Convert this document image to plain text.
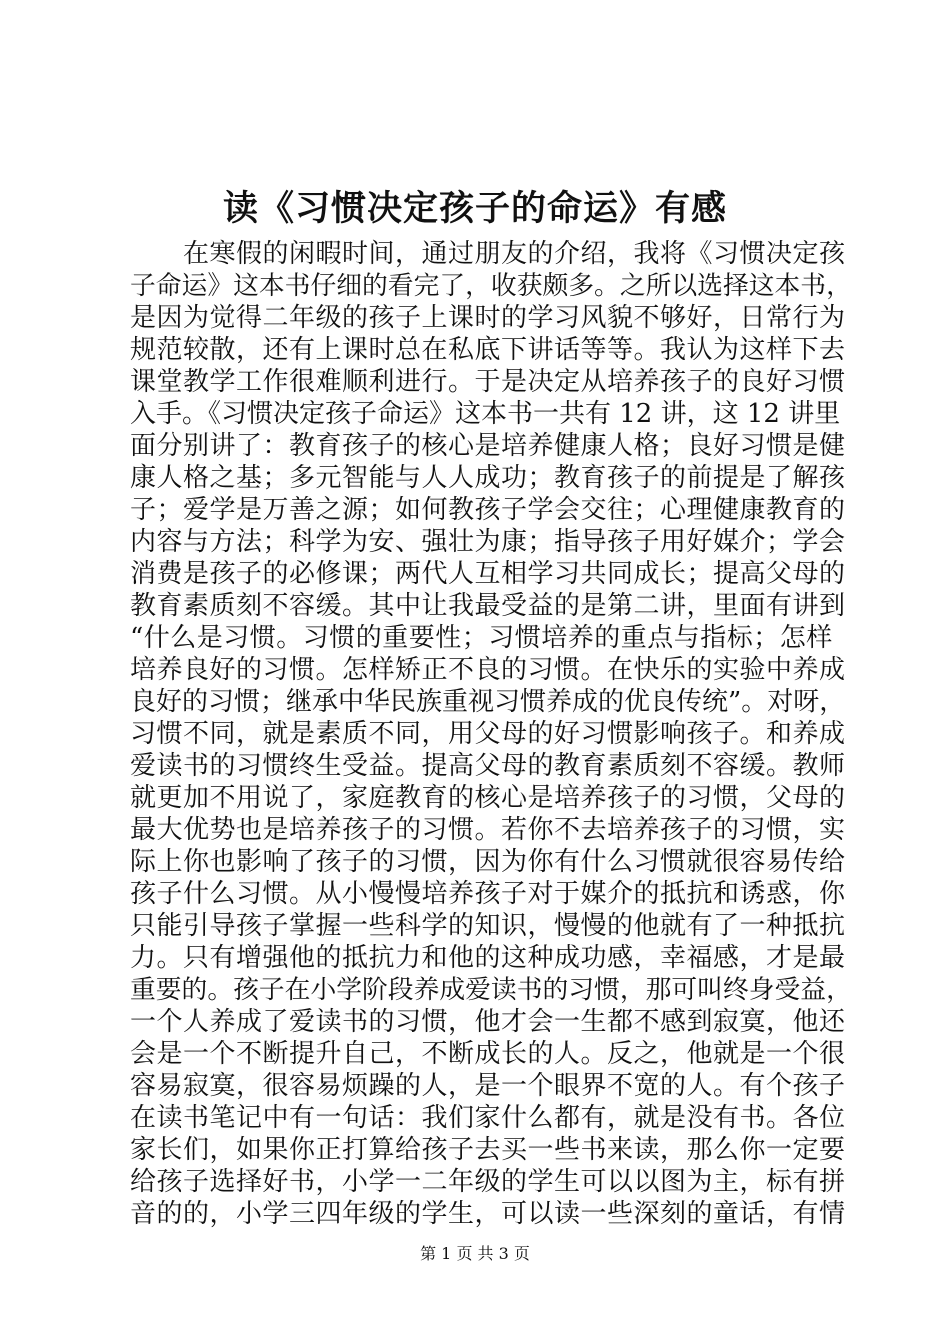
读《习惯决定孩子的命运》有感
　　在寒假的闲暇时间，通过朋友的介绍，我将《习惯决定孩
子命运》这本书仔细的看完了，收获颇多。之所以选择这本书，
是因为觉得二年级的孩子上课时的学习风貌不够好，日常行为
规范较散，还有上课时总在私底下讲话等等。我认为这样下去
课堂教学工作很难顺利进行。于是决定从培养孩子的良好习惯
入手。《习惯决定孩子命运》这本书一共有 12 讲，这 12 讲里
面分别讲了：教育孩子的核心是培养健康人格；良好习惯是健
康人格之基；多元智能与人人成功；教育孩子的前提是了解孩
子；爱学是万善之源；如何教孩子学会交往；心理健康教育的
内容与方法；科学为安、强壮为康；指导孩子用好媒介；学会
消费是孩子的必修课；两代人互相学习共同成长；提高父母的
教育素质刻不容缓。其中让我最受益的是第二讲，里面有讲到
“什么是习惯。习惯的重要性；习惯培养的重点与指标；怎样
培养良好的习惯。怎样矫正不良的习惯。在快乐的实验中养成
良好的习惯；继承中华民族重视习惯养成的优良传统”。对呀，
习惯不同，就是素质不同，用父母的好习惯影响孩子。和养成
爱读书的习惯终生受益。提高父母的教育素质刻不容缓。教师
就更加不用说了，家庭教育的核心是培养孩子的习惯，父母的
最大优势也是培养孩子的习惯。若你不去培养孩子的习惯，实
际上你也影响了孩子的习惯，因为你有什么习惯就很容易传给
孩子什么习惯。从小慢慢培养孩子对于媒介的抵抗和诱惑，你
只能引导孩子掌握一些科学的知识，慢慢的他就有了一种抵抗
力。只有增强他的抵抗力和他的这种成功感，幸福感，才是最
重要的。孩子在小学阶段养成爱读书的习惯，那可叫终身受益，
一个人养成了爱读书的习惯，他才会一生都不感到寂寞，他还
会是一个不断提升自己，不断成长的人。反之，他就是一个很
容易寂寞，很容易烦躁的人，是一个眼界不宽的人。有个孩子
在读书笔记中有一句话：我们家什么都有，就是没有书。各位
家长们，如果你正打算给孩子去买一些书来读，那么你一定要
给孩子选择好书，小学一二年级的学生可以以图为主，标有拼
音的的，小学三四年级的学生，可以读一些深刻的童话，有情
第 1 页 共 3 页
